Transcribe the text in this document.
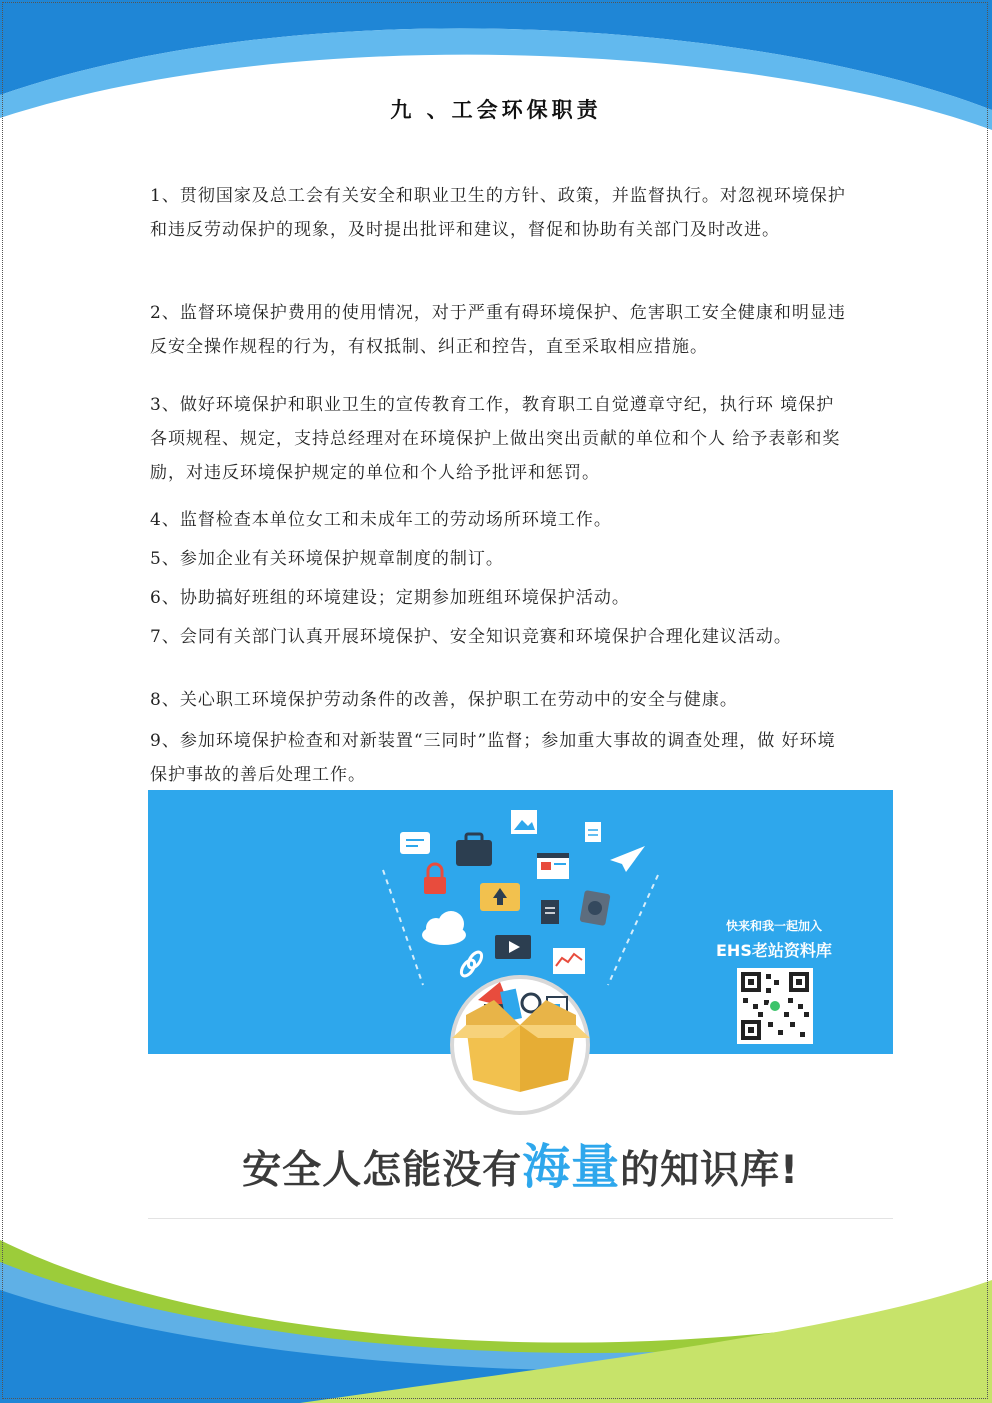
九 、工会环保职责

1、贯彻国家及总工会有关安全和职业卫生的方针、政策，并监督执行。对忽视环境保护和违反劳动保护的现象，及时提出批评和建议，督促和协助有关部门及时改进。

2、监督环境保护费用的使用情况，对于严重有碍环境保护、危害职工安全健康和明显违反安全操作规程的行为，有权抵制、纠正和控告，直至采取相应措施。

3、做好环境保护和职业卫生的宣传教育工作，教育职工自觉遵章守纪，执行环 境保护各项规程、规定，支持总经理对在环境保护上做出突出贡献的单位和个人 给予表彰和奖励，对违反环境保护规定的单位和个人给予批评和惩罚。

4、监督检查本单位女工和未成年工的劳动场所环境工作。

5、参加企业有关环境保护规章制度的制订。

6、协助搞好班组的环境建设；定期参加班组环境保护活动。

7、会同有关部门认真开展环境保护、安全知识竞赛和环境保护合理化建议活动。

8、关心职工环境保护劳动条件的改善，保护职工在劳动中的安全与健康。

9、参加环境保护检查和对新装置“三同时”监督；参加重大事故的调查处理，做 好环境保护事故的善后处理工作。

快来和我一起加入
EHS老站资料库
安全人怎能没有海量的知识库!
